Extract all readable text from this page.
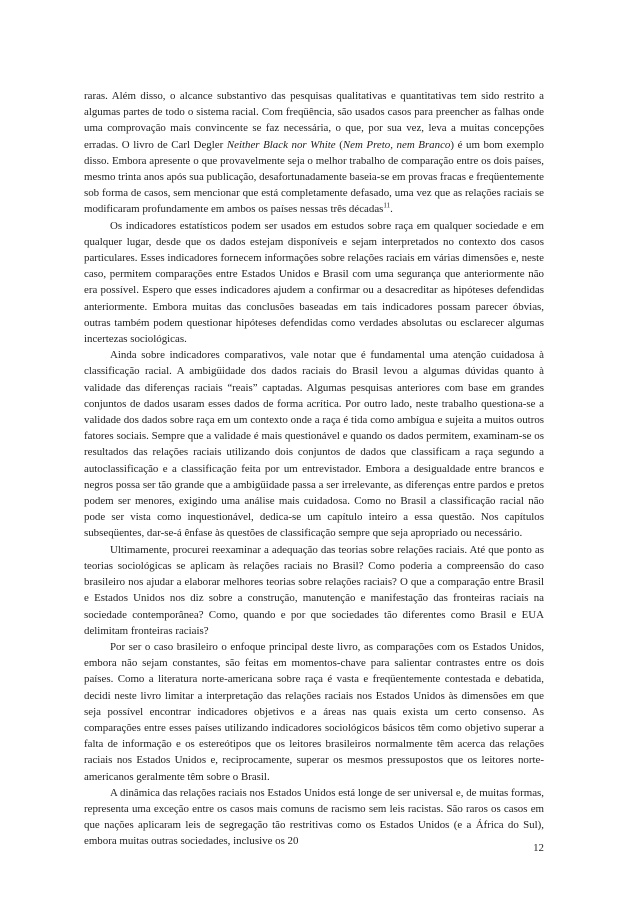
raras. Além disso, o alcance substantivo das pesquisas qualitativas e quantitativas tem sido restrito a algumas partes de todo o sistema racial. Com freqüência, são usados casos para preencher as falhas onde uma comprovação mais convincente se faz necessária, o que, por sua vez, leva a muitas concepções erradas. O livro de Carl Degler Neither Black nor White (Nem Preto, nem Branco) é um bom exemplo disso. Embora apresente o que provavelmente seja o melhor trabalho de comparação entre os dois países, mesmo trinta anos após sua publicação, desafortunadamente baseia-se em provas fracas e freqüentemente sob forma de casos, sem mencionar que está completamente defasado, uma vez que as relações raciais se modificaram profundamente em ambos os países nessas três décadas$^{11}$.

Os indicadores estatísticos podem ser usados em estudos sobre raça em qualquer sociedade e em qualquer lugar, desde que os dados estejam disponíveis e sejam interpretados no contexto dos casos particulares. Esses indicadores fornecem informações sobre relações raciais em várias dimensões e, neste caso, permitem comparações entre Estados Unidos e Brasil com uma segurança que anteriormente não era possível. Espero que esses indicadores ajudem a confirmar ou a desacreditar as hipóteses defendidas anteriormente. Embora muitas das conclusões baseadas em tais indicadores possam parecer óbvias, outras também podem questionar hipóteses defendidas como verdades absolutas ou esclarecer algumas incertezas sociológicas.

Ainda sobre indicadores comparativos, vale notar que é fundamental uma atenção cuidadosa à classificação racial. A ambigüidade dos dados raciais do Brasil levou a algumas dúvidas quanto à validade das diferenças raciais “reais” captadas. Algumas pesquisas anteriores com base em grandes conjuntos de dados usaram esses dados de forma acrítica. Por outro lado, neste trabalho questiona-se a validade dos dados sobre raça em um contexto onde a raça é tida como ambígua e sujeita a muitos outros fatores sociais. Sempre que a validade é mais questionável e quando os dados permitem, examinam-se os resultados das relações raciais utilizando dois conjuntos de dados que classificam a raça segundo a autoclassificação e a classificação feita por um entrevistador. Embora a desigualdade entre brancos e negros possa ser tão grande que a ambigüidade passa a ser irrelevante, as diferenças entre pardos e pretos podem ser menores, exigindo uma análise mais cuidadosa. Como no Brasil a classificação racial não pode ser vista como inquestionável, dedica-se um capítulo inteiro a essa questão. Nos capítulos subseqüentes, dar-se-á ênfase às questões de classificação sempre que seja apropriado ou necessário.

Ultimamente, procurei reexaminar a adequação das teorias sobre relações raciais. Até que ponto as teorias sociológicas se aplicam às relações raciais no Brasil? Como poderia a compreensão do caso brasileiro nos ajudar a elaborar melhores teorias sobre relações raciais? O que a comparação entre Brasil e Estados Unidos nos diz sobre a construção, manutenção e manifestação das fronteiras raciais na sociedade contemporânea? Como, quando e por que sociedades tão diferentes como Brasil e EUA delimitam fronteiras raciais?

Por ser o caso brasileiro o enfoque principal deste livro, as comparações com os Estados Unidos, embora não sejam constantes, são feitas em momentos-chave para salientar contrastes entre os dois países. Como a literatura norte-americana sobre raça é vasta e freqüentemente contestada e debatida, decidi neste livro limitar a interpretação das relações raciais nos Estados Unidos às dimensões em que seja possível encontrar indicadores objetivos e a áreas nas quais exista um certo consenso. As comparações entre esses países utilizando indicadores sociológicos básicos têm como objetivo superar a falta de informação e os estereótipos que os leitores brasileiros normalmente têm acerca das relações raciais nos Estados Unidos e, reciprocamente, superar os mesmos pressupostos que os leitores norte-americanos geralmente têm sobre o Brasil.

A dinâmica das relações raciais nos Estados Unidos está longe de ser universal e, de muitas formas, representa uma exceção entre os casos mais comuns de racismo sem leis racistas. São raros os casos em que nações aplicaram leis de segregação tão restritivas como os Estados Unidos (e a África do Sul), embora muitas outras sociedades, inclusive os 20

12
